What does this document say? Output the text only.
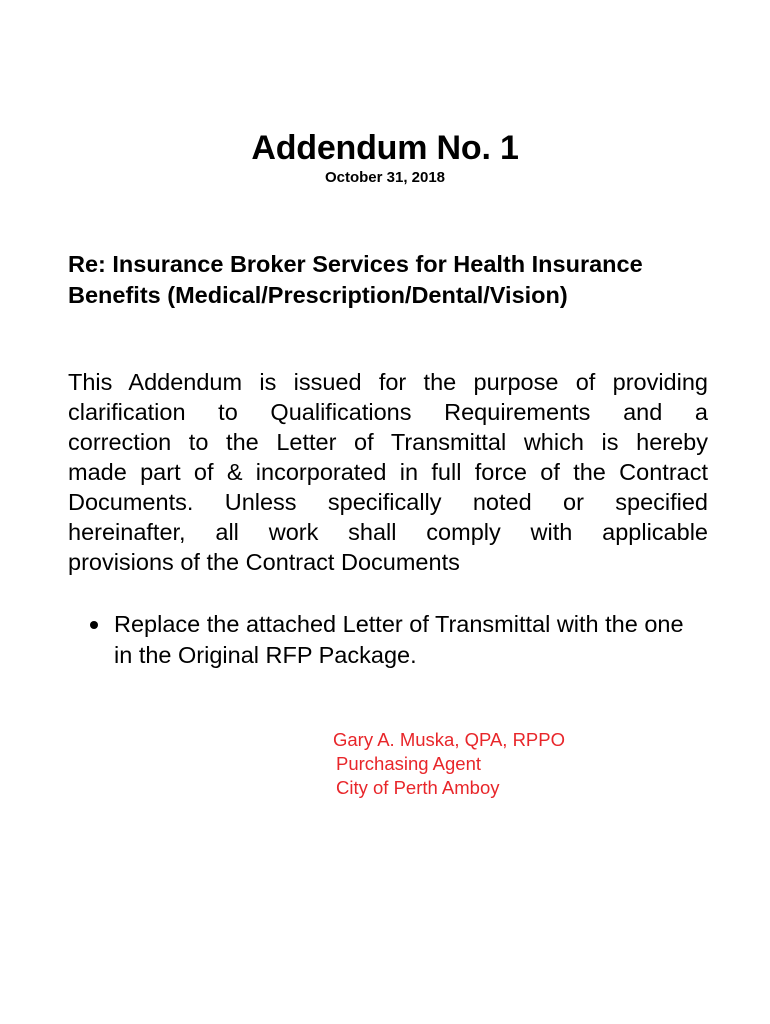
Addendum No. 1
October 31, 2018
Re: Insurance Broker Services for Health Insurance Benefits (Medical/Prescription/Dental/Vision)
This Addendum is issued for the purpose of providing
clarification to Qualifications Requirements and a
correction to the Letter of Transmittal which is hereby
made part of & incorporated in full force of the Contract
Documents. Unless specifically noted or specified
hereinafter, all work shall comply with applicable
provisions of the Contract Documents
Replace the attached Letter of Transmittal with the one in the Original RFP Package.
Gary A. Muska, QPA, RPPO
Purchasing Agent
City of Perth Amboy
